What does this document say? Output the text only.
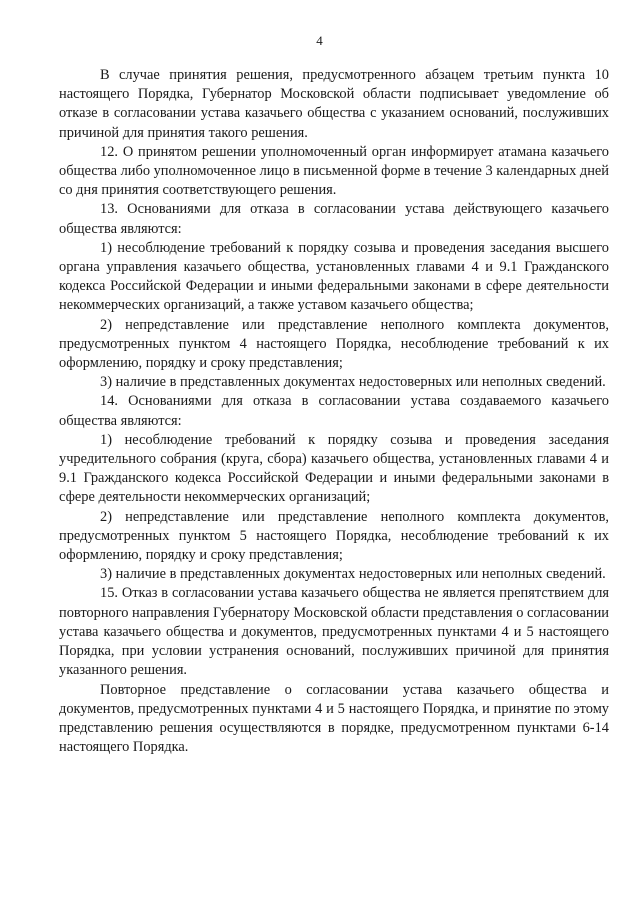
4

В случае принятия решения, предусмотренного абзацем третьим пункта 10 настоящего Порядка, Губернатор Московской области подписывает уведомление об отказе в согласовании устава казачьего общества с указанием оснований, послуживших причиной для принятия такого решения.

12. О принятом решении уполномоченный орган информирует атамана казачьего общества либо уполномоченное лицо в письменной форме в течение 3 календарных дней со дня принятия соответствующего решения.

13. Основаниями для отказа в согласовании устава действующего казачьего общества являются:

1) несоблюдение требований к порядку созыва и проведения заседания высшего органа управления казачьего общества, установленных главами 4 и 9.1 Гражданского кодекса Российской Федерации и иными федеральными законами в сфере деятельности некоммерческих организаций, а также уставом казачьего общества;

2) непредставление или представление неполного комплекта документов, предусмотренных пунктом 4 настоящего Порядка, несоблюдение требований к их оформлению, порядку и сроку представления;

3) наличие в представленных документах недостоверных или неполных сведений.

14. Основаниями для отказа в согласовании устава создаваемого казачьего общества являются:

1) несоблюдение требований к порядку созыва и проведения заседания учредительного собрания (круга, сбора) казачьего общества, установленных главами 4 и 9.1 Гражданского кодекса Российской Федерации и иными федеральными законами в сфере деятельности некоммерческих организаций;

2) непредставление или представление неполного комплекта документов, предусмотренных пунктом 5 настоящего Порядка, несоблюдение требований к их оформлению, порядку и сроку представления;

3) наличие в представленных документах недостоверных или неполных сведений.

15. Отказ в согласовании устава казачьего общества не является препятствием для повторного направления Губернатору Московской области представления о согласовании устава казачьего общества и документов, предусмотренных пунктами 4 и 5 настоящего Порядка, при условии устранения оснований, послуживших причиной для принятия указанного решения.

Повторное представление о согласовании устава казачьего общества и документов, предусмотренных пунктами 4 и 5 настоящего Порядка, и принятие по этому представлению решения осуществляются в порядке, предусмотренном пунктами 6-14 настоящего Порядка.
